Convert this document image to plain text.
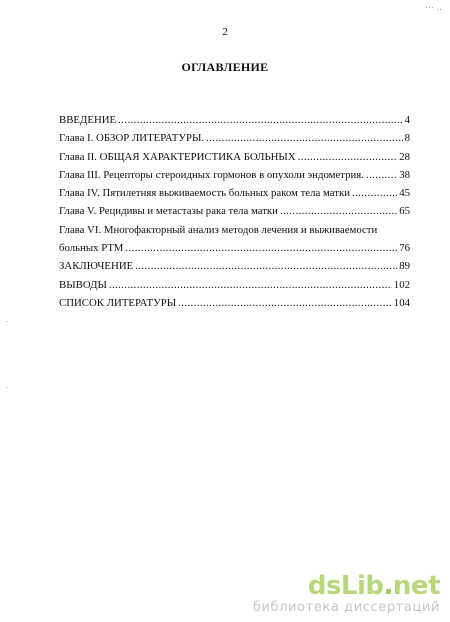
··· ..
-
-
2
ОГЛАВЛЕНИЕ
ВВЕДЕНИЕ .....	4
Глава I. ОБЗОР ЛИТЕРАТУРЫ. .....	8
Глава II. ОБЩАЯ ХАРАКТЕРИСТИКА БОЛЬНЫХ .....	28
Глава III. Рецепторы стероидных гормонов в опухоли эндометрия. .....	38
Глава IV. Пятилетняя выживаемость больных раком тела матки .....	45
Глава V. Рецидивы и метастазы рака тела матки .....	65
Глава VI. Многофакторный анализ методов лечения и выживаемости
больных РТМ .....	76
ЗАКЛЮЧЕНИЕ .....	89
ВЫВОДЫ .....	102
СПИСОК ЛИТЕРАТУРЫ .....	104
dsLib.net
библиотека диссертаций
